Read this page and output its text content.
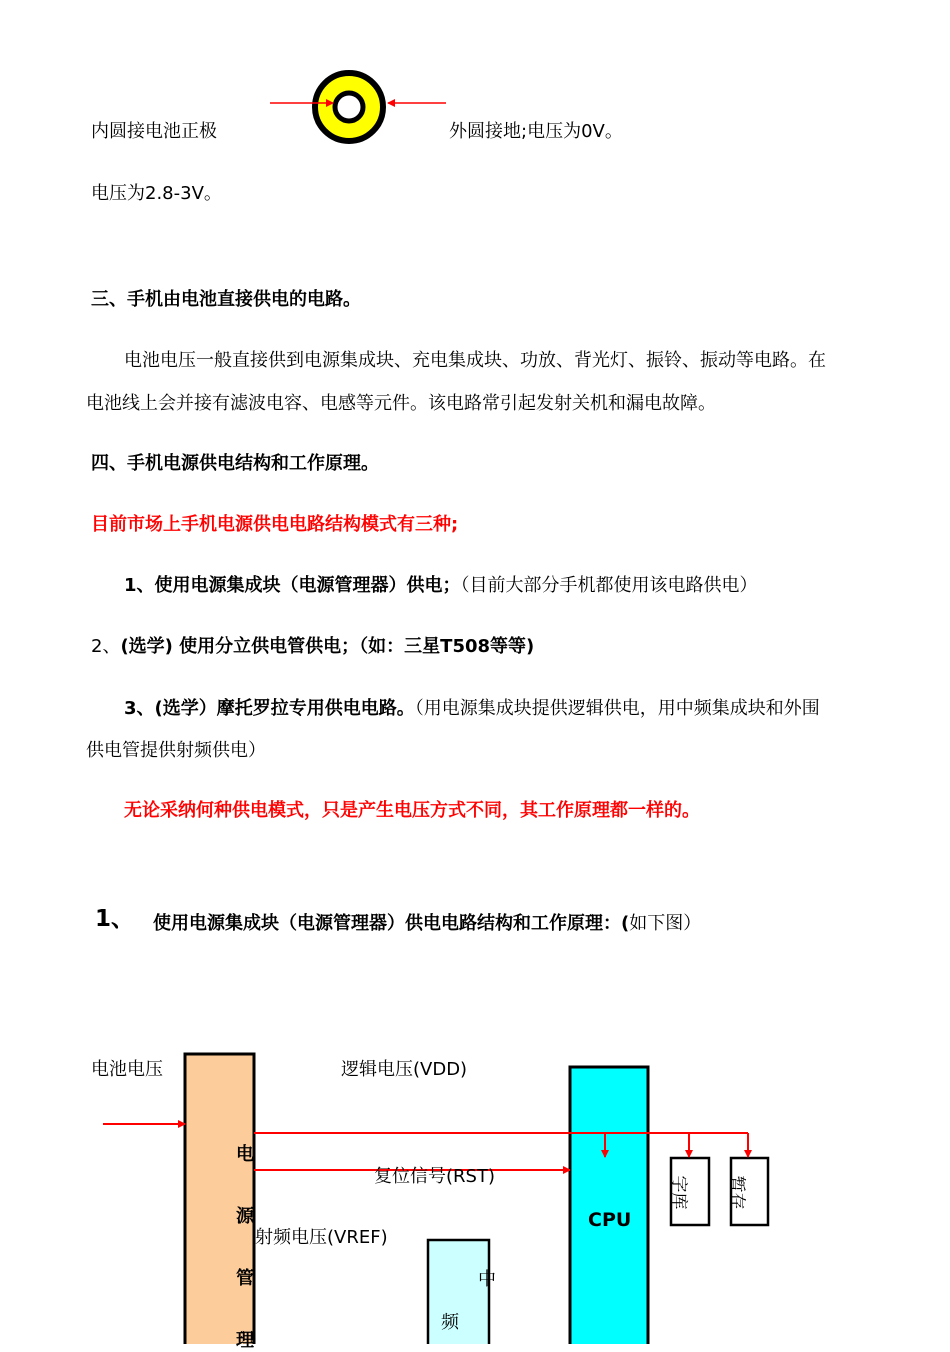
内圆接电池正极	外圆接地;电压为0V。
电压为2.8-3V。
三、手机由电池直接供电的电路。
电池电压一般直接供到电源集成块、充电集成块、功放、背光灯、振铃、振动等电路。在
电池线上会并接有滤波电容、电感等元件。该电路常引起发射关机和漏电故障。
四、手机电源供电结构和工作原理。
目前市场上手机电源供电电路结构模式有三种;
1、使用电源集成块（电源管理器）供电；（目前大部分手机都使用该电路供电）
2、(选学) 使用分立供电管供电；（如：三星T508等等)
3、(选学）摩托罗拉专用供电电路。（用电源集成块提供逻辑供电，用中频集成块和外围
供电管提供射频供电）
无论采纳何种供电模式，只是产生电压方式不同，其工作原理都一样的。
1、 使用电源集成块（电源管理器）供电电路结构和工作原理：(如下图）
电池电压	逻辑电压(VDD)
复位信号(RST)
射频电压(VREF)
电
源
管
理
CPU
字库 暂存
中
频
